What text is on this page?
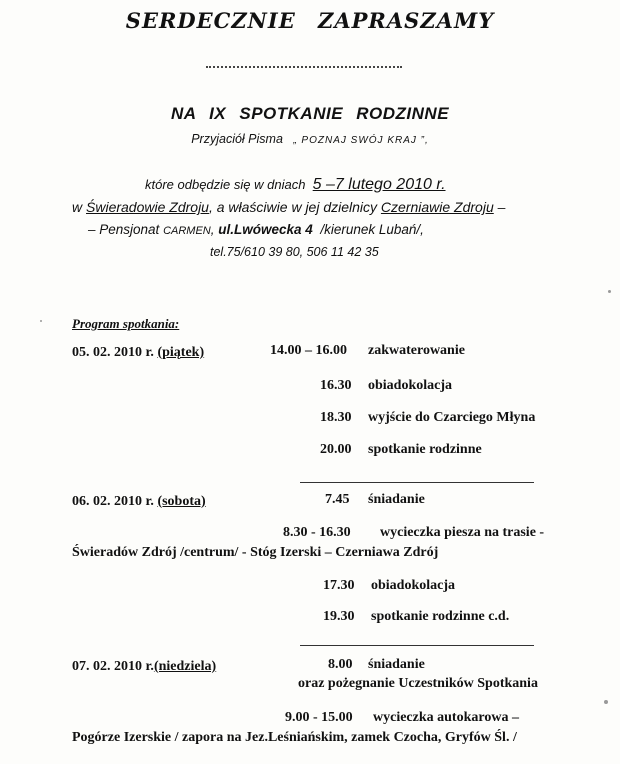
SERDECZNIE ZAPRASZAMY
NA IX SPOTKANIE RODZINNE
Przyjaciół Pisma „ POZNAJ SWÓJ KRAJ ”,
które odbędzie się w dniach 5 –7 lutego 2010 r.
w Świeradowie Zdroju, a właściwie w jej dzielnicy Czerniawie Zdroju –
– Pensjonat CARMEN, ul.Lwówecka 4 /kierunek Lubań/,
tel.75/610 39 80, 506 11 42 35
Program spotkania:
05. 02. 2010 r. (piątek)	14.00 – 16.00 zakwaterowanie
16.30 obiadokolacja
18.30 wyjście do Czarciego Młyna
20.00 spotkanie rodzinne
06. 02. 2010 r. (sobota)	7.45 śniadanie
8.30 - 16.30 wycieczka piesza na trasie -
Świeradów Zdrój /centrum/ - Stóg Izerski – Czerniawa Zdrój
17.30 obiadokolacja
19.30 spotkanie rodzinne c.d.
07. 02. 2010 r.(niedziela)	8.00 śniadanie
oraz pożegnanie Uczestników Spotkania
9.00 - 15.00 wycieczka autokarowa –
Pogórze Izerskie / zapora na Jez.Leśniańskim, zamek Czocha, Gryfów Śl. /
